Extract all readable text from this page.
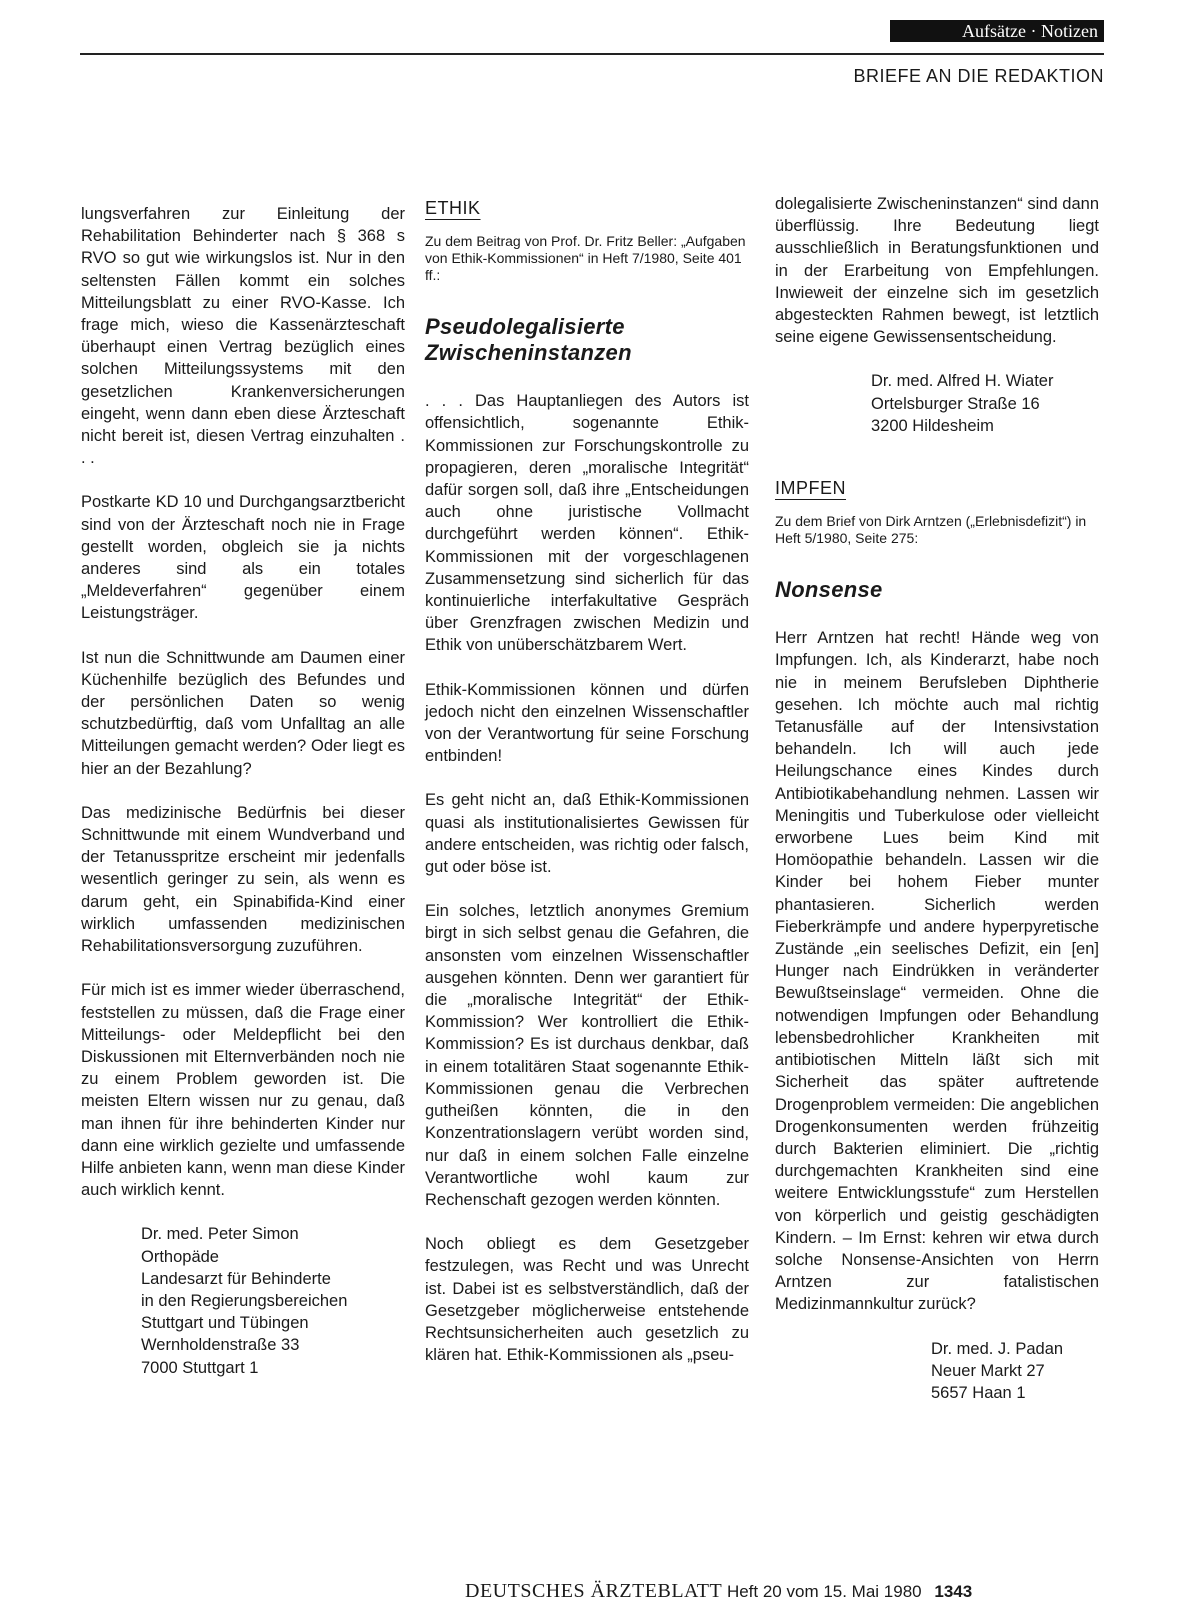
Aufsätze · Notizen
BRIEFE AN DIE REDAKTION

lungsverfahren zur Einleitung der Rehabilitation Behinderter nach § 368 s RVO so gut wie wirkungslos ist. Nur in den seltensten Fällen kommt ein solches Mitteilungsblatt zu einer RVO-Kasse. Ich frage mich, wieso die Kassenärzteschaft überhaupt einen Vertrag bezüglich eines solchen Mitteilungssystems mit den gesetzlichen Krankenversicherungen eingeht, wenn dann eben diese Ärzteschaft nicht bereit ist, diesen Vertrag einzuhalten . . .

Postkarte KD 10 und Durchgangsarztbericht sind von der Ärzteschaft noch nie in Frage gestellt worden, obgleich sie ja nichts anderes sind als ein totales „Meldeverfahren“ gegenüber einem Leistungsträger.

Ist nun die Schnittwunde am Daumen einer Küchenhilfe bezüglich des Befundes und der persönlichen Daten so wenig schutzbedürftig, daß vom Unfalltag an alle Mitteilungen gemacht werden? Oder liegt es hier an der Bezahlung?

Das medizinische Bedürfnis bei dieser Schnittwunde mit einem Wundverband und der Tetanusspritze erscheint mir jedenfalls wesentlich geringer zu sein, als wenn es darum geht, ein Spinabifida-Kind einer wirklich umfassenden medizinischen Rehabilitationsversorgung zuzuführen.

Für mich ist es immer wieder überraschend, feststellen zu müssen, daß die Frage einer Mitteilungs- oder Meldepflicht bei den Diskussionen mit Elternverbänden noch nie zu einem Problem geworden ist. Die meisten Eltern wissen nur zu genau, daß man ihnen für ihre behinderten Kinder nur dann eine wirklich gezielte und umfassende Hilfe anbieten kann, wenn man diese Kinder auch wirklich kennt.

Dr. med. Peter Simon
Orthopäde
Landesarzt für Behinderte
in den Regierungsbereichen
Stuttgart und Tübingen
Wernholdenstraße 33
7000 Stuttgart 1
ETHIK
Zu dem Beitrag von Prof. Dr. Fritz Beller: „Aufgaben von Ethik-Kommissionen“ in Heft 7/1980, Seite 401 ff.:
Pseudolegalisierte Zwischeninstanzen

. . . Das Hauptanliegen des Autors ist offensichtlich, sogenannte Ethik-Kommissionen zur Forschungskontrolle zu propagieren, deren „moralische Integrität“ dafür sorgen soll, daß ihre „Entscheidungen auch ohne juristische Vollmacht durchgeführt werden können“. Ethik-Kommissionen mit der vorgeschlagenen Zusammensetzung sind sicherlich für das kontinuierliche interfakultative Gespräch über Grenzfragen zwischen Medizin und Ethik von unüberschätzbarem Wert.

Ethik-Kommissionen können und dürfen jedoch nicht den einzelnen Wissenschaftler von der Verantwortung für seine Forschung entbinden!

Es geht nicht an, daß Ethik-Kommissionen quasi als institutionalisiertes Gewissen für andere entscheiden, was richtig oder falsch, gut oder böse ist.

Ein solches, letztlich anonymes Gremium birgt in sich selbst genau die Gefahren, die ansonsten vom einzelnen Wissenschaftler ausgehen könnten. Denn wer garantiert für die „moralische Integrität“ der Ethik-Kommission? Wer kontrolliert die Ethik-Kommission? Es ist durchaus denkbar, daß in einem totalitären Staat sogenannte Ethik-Kommissionen genau die Verbrechen gutheißen könnten, die in den Konzentrationslagern verübt worden sind, nur daß in einem solchen Falle einzelne Verantwortliche wohl kaum zur Rechenschaft gezogen werden könnten.

Noch obliegt es dem Gesetzgeber festzulegen, was Recht und was Unrecht ist. Dabei ist es selbstverständlich, daß der Gesetzgeber möglicherweise entstehende Rechtsunsicherheiten auch gesetzlich zu klären hat. Ethik-Kommissionen als „pseu-

dolegalisierte Zwischeninstanzen“ sind dann überflüssig. Ihre Bedeutung liegt ausschließlich in Beratungsfunktionen und in der Erarbeitung von Empfehlungen. Inwieweit der einzelne sich im gesetzlich abgesteckten Rahmen bewegt, ist letztlich seine eigene Gewissensentscheidung.

Dr. med. Alfred H. Wiater
Ortelsburger Straße 16
3200 Hildesheim
IMPFEN
Zu dem Brief von Dirk Arntzen („Erlebnisdefizit“) in Heft 5/1980, Seite 275:
Nonsense

Herr Arntzen hat recht! Hände weg von Impfungen. Ich, als Kinderarzt, habe noch nie in meinem Berufsleben Diphtherie gesehen. Ich möchte auch mal richtig Tetanusfälle auf der Intensivstation behandeln. Ich will auch jede Heilungschance eines Kindes durch Antibiotikabehandlung nehmen. Lassen wir Meningitis und Tuberkulose oder vielleicht erworbene Lues beim Kind mit Homöopathie behandeln. Lassen wir die Kinder bei hohem Fieber munter phantasieren. Sicherlich werden Fieberkrämpfe und andere hyperpyretische Zustände „ein seelisches Defizit, ein [en] Hunger nach Eindrükken in veränderter Bewußtseinslage“ vermeiden. Ohne die notwendigen Impfungen oder Behandlung lebensbedrohlicher Krankheiten mit antibiotischen Mitteln läßt sich mit Sicherheit das später auftretende Drogenproblem vermeiden: Die angeblichen Drogenkonsumenten werden frühzeitig durch Bakterien eliminiert. Die „richtig durchgemachten Krankheiten sind eine weitere Entwicklungsstufe“ zum Herstellen von körperlich und geistig geschädigten Kindern. – Im Ernst: kehren wir etwa durch solche Nonsense-Ansichten von Herrn Arntzen zur fatalistischen Medizinmannkultur zurück?

Dr. med. J. Padan
Neuer Markt 27
5657 Haan 1
DEUTSCHES ÄRZTEBLATT Heft 20 vom 15. Mai 1980 1343
